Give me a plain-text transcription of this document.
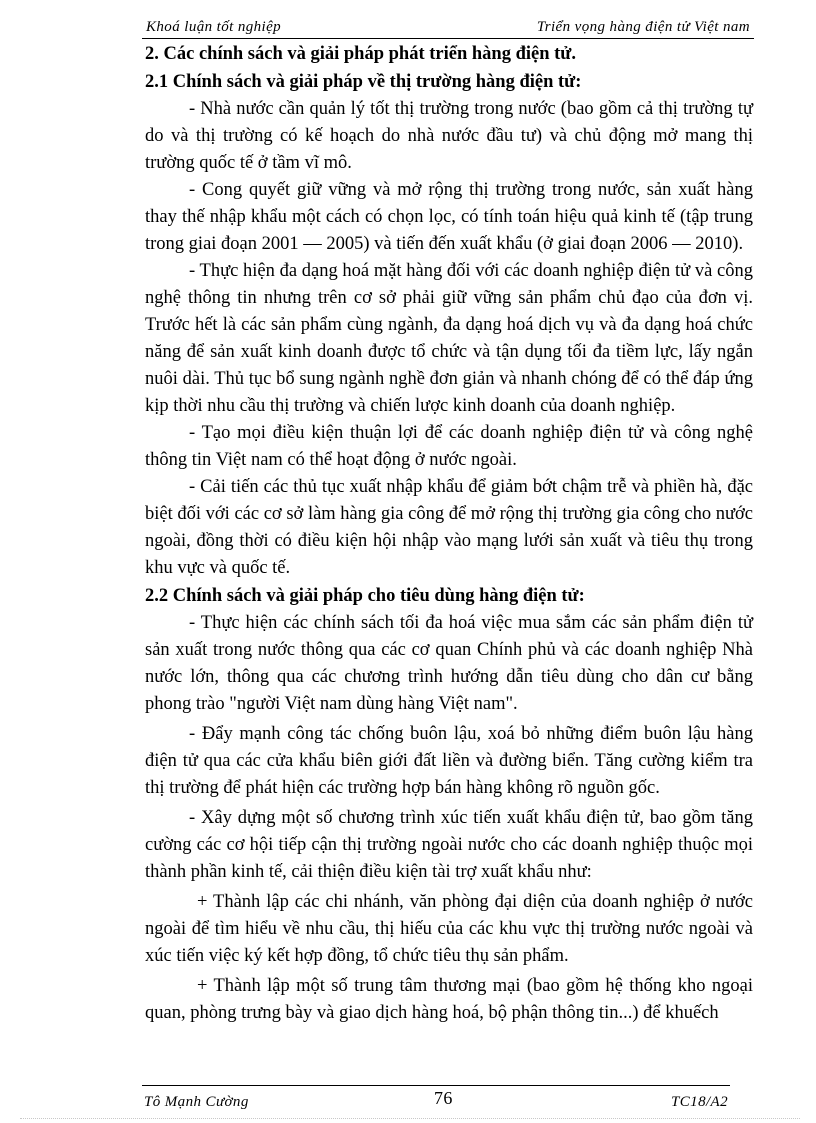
Khoá luận tốt nghiệp	Triển vọng hàng điện tử Việt nam

2. Các chính sách và giải pháp phát triển hàng điện tử.

2.1 Chính sách và giải pháp về thị trường hàng điện tử:

- Nhà nước cần quản lý tốt thị trường trong nước (bao gồm cả thị trường tự do và thị trường có kế hoạch do nhà nước đầu tư) và chủ động mở mang thị trường quốc tế ở tầm vĩ mô.

- Cong quyết giữ vững và mở rộng thị trường trong nước, sản xuất hàng thay thế nhập khẩu một cách có chọn lọc, có tính toán hiệu quả kinh tế (tập trung trong giai đoạn 2001 — 2005) và tiến đến xuất khẩu (ở giai đoạn 2006 — 2010).

- Thực hiện đa dạng hoá mặt hàng đối với các doanh nghiệp điện tử và công nghệ thông tin nhưng trên cơ sở phải giữ vững sản phẩm chủ đạo của đơn vị. Trước hết là các sản phẩm cùng ngành, đa dạng hoá dịch vụ và đa dạng hoá chức năng để sản xuất kinh doanh được tổ chức và tận dụng tối đa tiềm lực, lấy ngắn nuôi dài. Thủ tục bổ sung ngành nghề đơn giản và nhanh chóng để có thể đáp ứng kịp thời nhu cầu thị trường và chiến lược kinh doanh của doanh nghiệp.

- Tạo mọi điều kiện thuận lợi để các doanh nghiệp điện tử và công nghệ thông tin Việt nam có thể hoạt động ở nước ngoài.

- Cải tiến các thủ tục xuất nhập khẩu để giảm bớt chậm trễ và phiền hà, đặc biệt đối với các cơ sở làm hàng gia công để mở rộng thị trường gia công cho nước ngoài, đồng thời có điều kiện hội nhập vào mạng lưới sản xuất và tiêu thụ trong khu vực và quốc tế.

2.2 Chính sách và giải pháp cho tiêu dùng hàng điện tử:

- Thực hiện các chính sách tối đa hoá việc mua sắm các sản phẩm điện tử sản xuất trong nước thông qua các cơ quan Chính phủ và các doanh nghiệp Nhà nước lớn, thông qua các chương trình hướng dẫn tiêu dùng cho dân cư bằng phong trào "người Việt nam dùng hàng Việt nam".

- Đẩy mạnh công tác chống buôn lậu, xoá bỏ những điểm buôn lậu hàng điện tử qua các cửa khẩu biên giới đất liền và đường biển. Tăng cường kiểm tra thị trường để phát hiện các trường hợp bán hàng không rõ nguồn gốc.

- Xây dựng một số chương trình xúc tiến xuất khẩu điện tử, bao gồm tăng cường các cơ hội tiếp cận thị trường ngoài nước cho các doanh nghiệp thuộc mọi thành phần kinh tế, cải thiện điều kiện tài trợ xuất khẩu như:

+ Thành lập các chi nhánh, văn phòng đại diện của doanh nghiệp ở nước ngoài để tìm hiểu về nhu cầu, thị hiếu của các khu vực thị trường nước ngoài và xúc tiến việc ký kết hợp đồng, tổ chức tiêu thụ sản phẩm.

+ Thành lập một số trung tâm thương mại (bao gồm hệ thống kho ngoại quan, phòng trưng bày và giao dịch hàng hoá, bộ phận thông tin...) để khuếch

Tô Mạnh Cường	76	TC18/A2
